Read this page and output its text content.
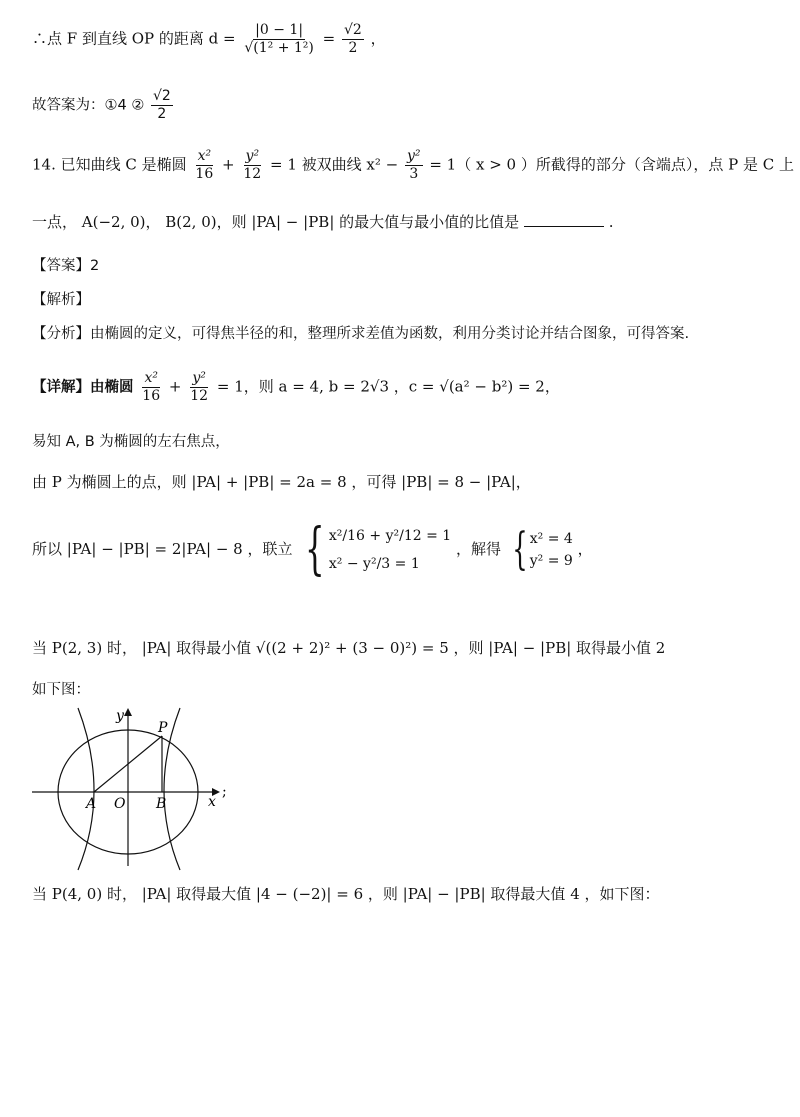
∴点 F 到直线 OP 的距离 $d = \frac{|0 - 1|}{\text{√(1² + 1²)}} = \frac{√2}{2}$ ，
故答案为：①4 ② $\frac{√2}{2}$
14. 已知曲线 C 是椭圆 $\frac{\text{x²}}{16} + \frac{\text{y²}}{12} = 1$ 被双曲线 $x^2 - \frac{\text{y²}}{3} = 1$（ x > 0 ）所截得的部分（含端点），点 P 是 C 上
一点， A(−2, 0)， B(2, 0)，则 |PA| − |PB| 的最大值与最小值的比值是	.
【答案】2
【解析】
【分析】由椭圆的定义，可得焦半径的和，整理所求差值为函数，利用分类讨论并结合图象，可得答案.
【详解】由椭圆 $\frac{\text{x²}}{16} + \frac{\text{y²}}{12} = 1$，则 a = 4, b = 2√3 ，c = √(a² − b²) = 2，
易知 A, B 为椭圆的左右焦点，
由 P 为椭圆上的点，则 |PA| + |PB| = 2a = 8 ，可得 |PB| = 8 − |PA|，
所以 |PA| − |PB| = 2|PA| − 8 ，联立 { x²/16 + y²/12 = 1
x² − y²/3 = 1
，解得 { x² = 4
y² = 9
，
当 P(2, 3) 时， |PA| 取得最小值 √((2 + 2)² + (3 − 0)²) = 5 ，则 |PA| − |PB| 取得最小值 2
如下图：
y
P
A O B	x
;
当 P(4, 0) 时， |PA| 取得最大值 |4 − (−2)| = 6 ，则 |PA| − |PB| 取得最大值 4 ，如下图：
